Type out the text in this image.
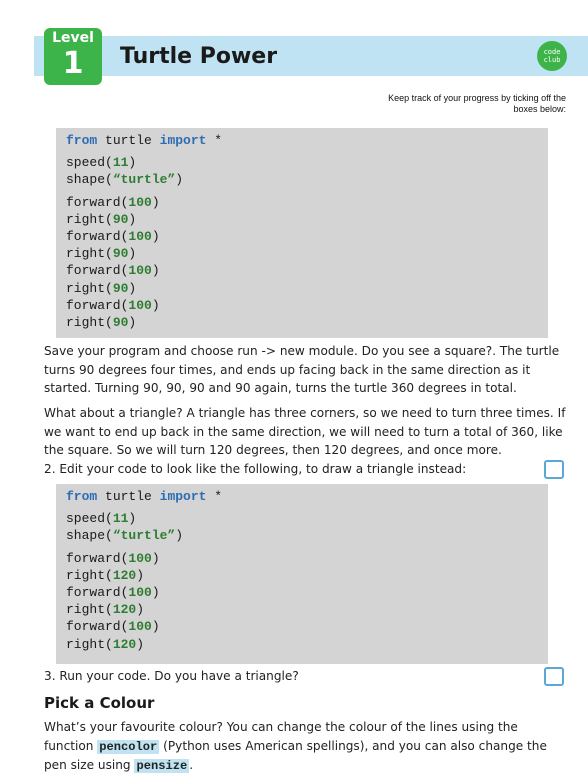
Level
1	Turtle Power	code
club
Keep track of your progress by ticking off the boxes below:
from turtle import *
speed(11)
shape(“turtle”)
forward(100)
right(90)
forward(100)
right(90)
forward(100)
right(90)
forward(100)
right(90)
Save your program and choose run -> new module. Do you see a square?. The turtle turns 90 degrees four times, and ends up facing back in the same direction as it started. Turning 90, 90, 90 and 90 again, turns the turtle 360 degrees in total.
What about a triangle? A triangle has three corners, so we need to turn three times. If we want to end up back in the same direction, we will need to turn a total of 360, like the square. So we will turn 120 degrees, then 120 degrees, and once more.
2. Edit your code to look like the following, to draw a triangle instead:
from turtle import *
speed(11)
shape(“turtle”)
forward(100)
right(120)
forward(100)
right(120)
forward(100)
right(120)
3. Run your code. Do you have a triangle?
Pick a Colour
What’s your favourite colour? You can change the colour of the lines using the function pencolor (Python uses American spellings), and you can also change the pen size using pensize .
